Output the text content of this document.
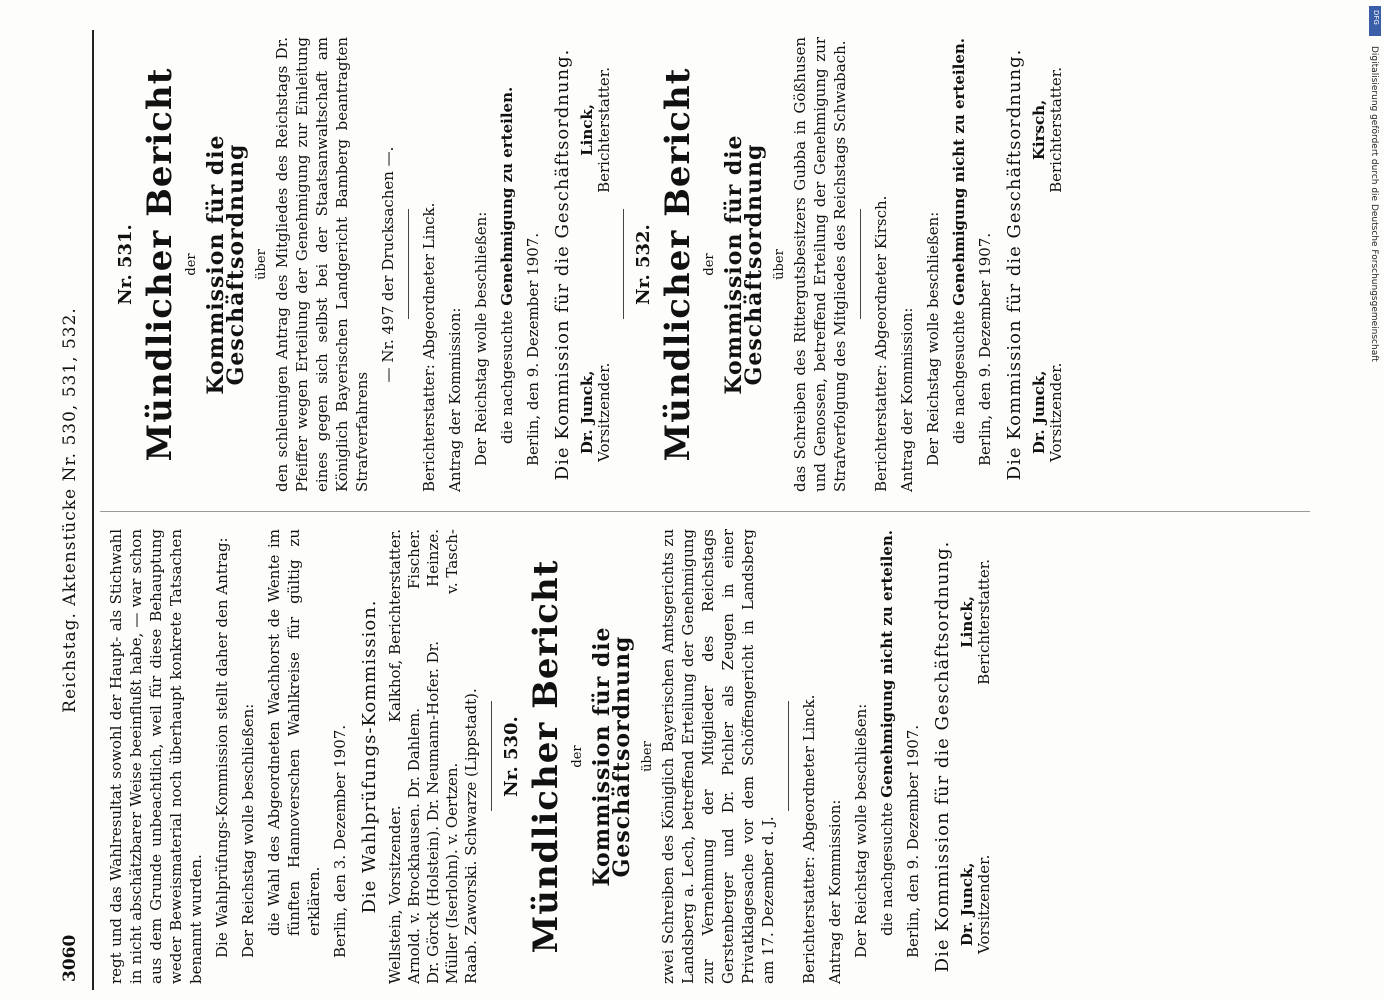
3060
Reichstag. Aktenstücke Nr. 530, 531, 532.

regt und das Wahlresultat sowohl der Haupt- als Stichwahl in nicht abschätzbarer Weise beeinflußt habe, — war schon aus dem Grunde unbeachtlich, weil für diese Behauptung weder Beweismaterial noch überhaupt konkrete Tatsachen benannt wurden. Die Wahlprüfungs-Kommission stellt daher den Antrag: Der Reichstag wolle beschließen: die Wahl des Abgeordneten Wachhorst de Wente im fünften Hannoverschen Wahlkreise für gültig zu erklären. Berlin, den 3. Dezember 1907. Die Wahlprüfungs-Kommission. Wellstein, Vorsitzender.
Kalkhof, Berichterstatter.
Arnold. v. Brockhausen. Dr. Dahlem.
Fischer.
Dr. Görck (Holstein). Dr. Neumann-Hofer. Dr.
Heinze.
Müller (Iserlohn). v. Oertzen.
v. Tasch-
Raab. Zaworski. Schwarze (Lippstadt). Nr. 530. Mündlicher Bericht der Kommission für die Geschäftsordnung über zwei Schreiben des Königlich Bayerischen Amtsgerichts zu Landsberg a. Lech, betreffend Erteilung der Genehmigung zur Vernehmung der Mitglieder des Reichstags Gerstenberger und Dr. Pichler als Zeugen in einer Privatklagesache vor dem Schöffengericht in Landsberg am 17. Dezember d. J. Berichterstatter: Abgeordneter Linck. Antrag der Kommission: Der Reichstag wolle beschließen: die nachgesuchte Genehmigung nicht zu erteilen.

Berlin, den 9. Dezember 1907. Die Kommission für die Geschäftsordnung. Dr. Junck,
Vorsitzender.
Linck,
Berichterstatter.

Nr. 531. Mündlicher Bericht der Kommission für die Geschäftsordnung über den schleunigen Antrag des Mitgliedes des Reichstags Dr. Pfeiffer wegen Erteilung der Genehmigung zur Einleitung eines gegen sich selbst bei der Staatsanwaltschaft am Königlich Bayerischen Landgericht Bamberg beantragten Strafverfahrens

— Nr. 497 der Drucksachen —. Berichterstatter: Abgeordneter Linck. Antrag der Kommission: Der Reichstag wolle beschließen: die nachgesuchte Genehmigung zu erteilen.

Berlin, den 9. Dezember 1907. Die Kommission für die Geschäftsordnung. Dr. Junck,
Vorsitzender.
Linck,
Berichterstatter.

Nr. 532. Mündlicher Bericht der Kommission für die Geschäftsordnung über das Schreiben des Rittergutsbesitzers Gubba in Gößhusen und Genossen, betreffend Erteilung der Genehmigung zur Strafverfolgung des Mitgliedes des Reichstags Schwabach. Berichterstatter: Abgeordneter Kirsch. Antrag der Kommission: Der Reichstag wolle beschließen: die nachgesuchte Genehmigung nicht zu erteilen.

Berlin, den 9. Dezember 1907. Die Kommission für die Geschäftsordnung. Dr. Junck,
Vorsitzender.
Kirsch,
Berichterstatter.
DFG
Digitalisierung gefördert durch die Deutsche Forschungsgemeinschaft
